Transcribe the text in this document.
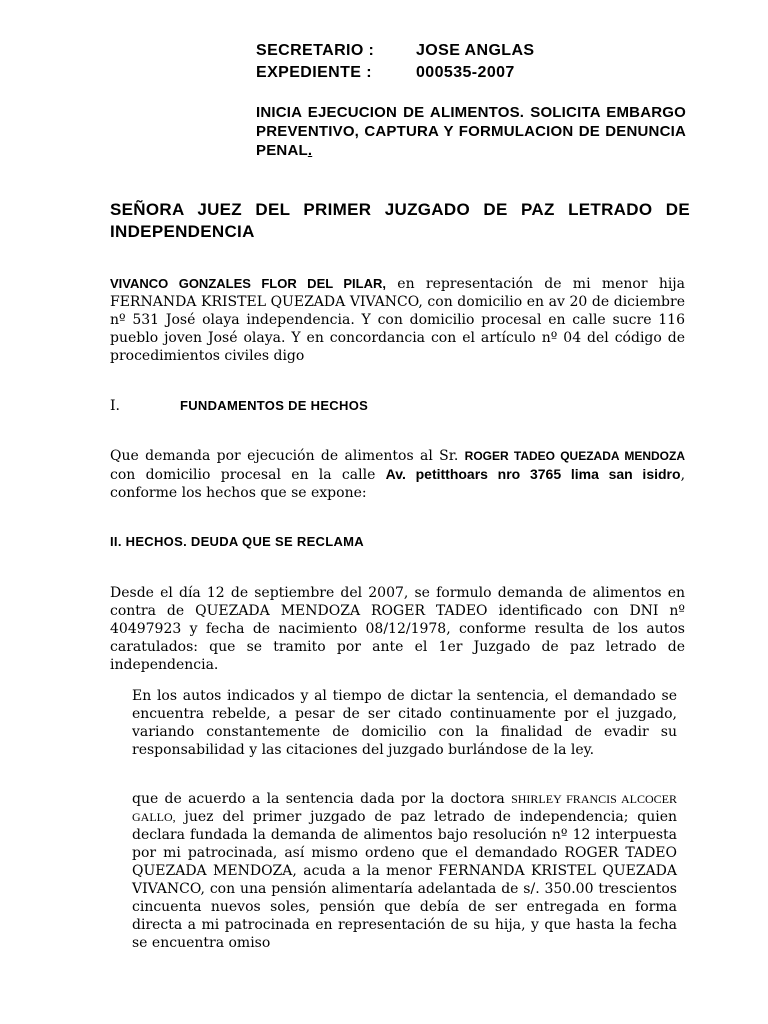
SECRETARIO :	JOSE ANGLAS
EXPEDIENTE :	000535-2007
INICIA EJECUCION DE ALIMENTOS. SOLICITA EMBARGO PREVENTIVO, CAPTURA Y FORMULACION DE DENUNCIA PENAL.
SEÑORA JUEZ DEL PRIMER JUZGADO DE PAZ LETRADO DE INDEPENDENCIA
VIVANCO GONZALES FLOR DEL PILAR, en representación de mi menor hija FERNANDA KRISTEL QUEZADA VIVANCO, con domicilio en av 20 de diciembre nº 531 José olaya independencia. Y con domicilio procesal en calle sucre 116 pueblo joven José olaya. Y en concordancia con el artículo nº 04 del código de procedimientos civiles digo
I.	FUNDAMENTOS DE HECHOS
Que demanda por ejecución de alimentos al Sr. ROGER TADEO QUEZADA MENDOZA con domicilio procesal en la calle Av. petitthoars nro 3765 lima san isidro, conforme los hechos que se expone:
II. HECHOS. DEUDA QUE SE RECLAMA
Desde el día 12 de septiembre del 2007, se formulo demanda de alimentos en contra de QUEZADA MENDOZA ROGER TADEO identificado con DNI nº 40497923 y fecha de nacimiento 08/12/1978, conforme resulta de los autos caratulados: que se tramito por ante el 1er Juzgado de paz letrado de independencia.
En los autos indicados y al tiempo de dictar la sentencia, el demandado se encuentra rebelde, a pesar de ser citado continuamente por el juzgado, variando constantemente de domicilio con la finalidad de evadir su responsabilidad y las citaciones del juzgado burlándose de la ley.
que de acuerdo a la sentencia dada por la doctora SHIRLEY FRANCIS ALCOCER GALLO, juez del primer juzgado de paz letrado de independencia; quien declara fundada la demanda de alimentos bajo resolución nº 12 interpuesta por mi patrocinada, así mismo ordeno que el demandado ROGER TADEO QUEZADA MENDOZA, acuda a la menor FERNANDA KRISTEL QUEZADA VIVANCO, con una pensión alimentaría adelantada de s/. 350.00 trescientos cincuenta nuevos soles, pensión que debía de ser entregada en forma directa a mi patrocinada en representación de su hija, y que hasta la fecha se encuentra omiso
